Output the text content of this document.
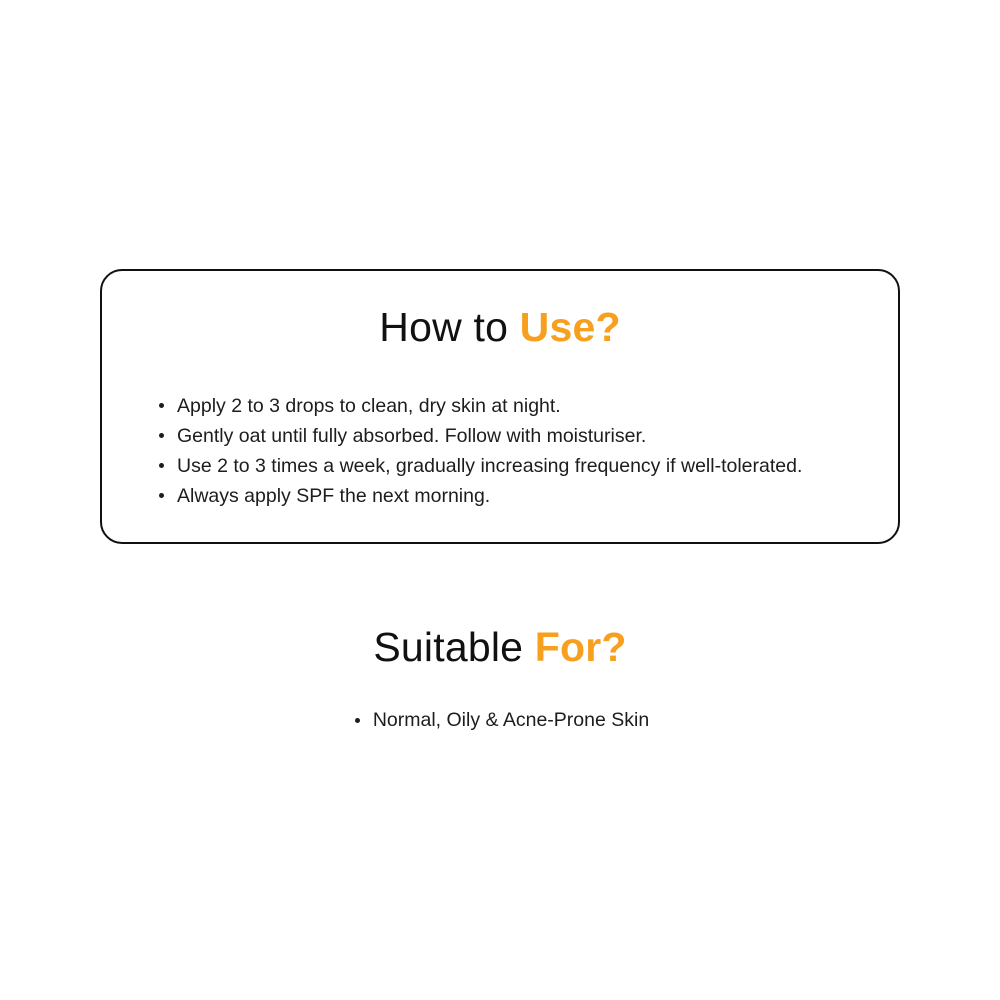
How to Use?
Apply 2 to 3 drops to clean, dry skin at night.
Gently oat until fully absorbed. Follow with moisturiser.
Use 2 to 3 times a week, gradually increasing frequency if well-tolerated.
Always apply SPF the next morning.
Suitable For?
Normal, Oily & Acne-Prone Skin
